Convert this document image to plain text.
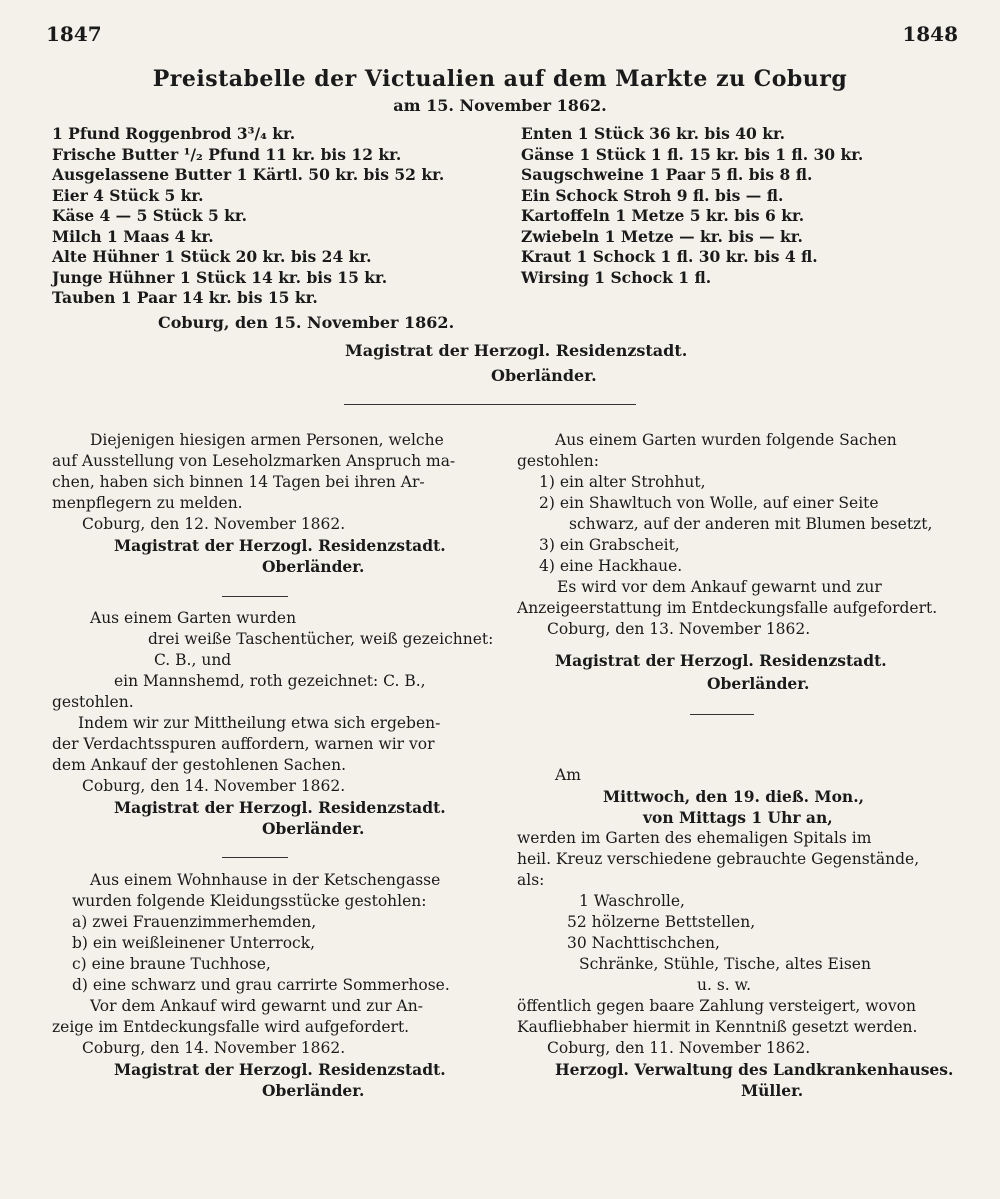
1847	1848
Preistabelle der Victualien auf dem Markte zu Coburg
am 15. November 1862.
1 Pfund Roggenbrod 3³/₄ kr.
Frische Butter ¹/₂ Pfund 11 kr. bis 12 kr.
Ausgelassene Butter 1 Kärtl. 50 kr. bis 52 kr.
Eier 4 Stück 5 kr.
Käse 4 — 5 Stück 5 kr.
Milch 1 Maas 4 kr.
Alte Hühner 1 Stück 20 kr. bis 24 kr.
Junge Hühner 1 Stück 14 kr. bis 15 kr.
Tauben 1 Paar 14 kr. bis 15 kr.
Enten 1 Stück 36 kr. bis 40 kr.
Gänse 1 Stück 1 fl. 15 kr. bis 1 fl. 30 kr.
Saugschweine 1 Paar 5 fl. bis 8 fl.
Ein Schock Stroh 9 fl. bis — fl.
Kartoffeln 1 Metze 5 kr. bis 6 kr.
Zwiebeln 1 Metze — kr. bis — kr.
Kraut 1 Schock 1 fl. 30 kr. bis 4 fl.
Wirsing 1 Schock 1 fl.
Coburg, den 15. November 1862.
Magistrat der Herzogl. Residenzstadt.
Oberländer.
Diejenigen hiesigen armen Personen, welche
auf Ausstellung von Leseholzmarken Anspruch ma-
chen, haben sich binnen 14 Tagen bei ihren Ar-
menpflegern zu melden.
Coburg, den 12. November 1862.
Magistrat der Herzogl. Residenzstadt.
Oberländer.
Aus einem Garten wurden
drei weiße Taschentücher, weiß gezeichnet:
C. B., und
ein Mannshemd, roth gezeichnet: C. B.,
gestohlen.
Indem wir zur Mittheilung etwa sich ergeben-
der Verdachtsspuren auffordern, warnen wir vor
dem Ankauf der gestohlenen Sachen.
Coburg, den 14. November 1862.
Magistrat der Herzogl. Residenzstadt.
Oberländer.
Aus einem Wohnhause in der Ketschengasse
wurden folgende Kleidungsstücke gestohlen:
a) zwei Frauenzimmerhemden,
b) ein weißleinener Unterrock,
c) eine braune Tuchhose,
d) eine schwarz und grau carrirte Sommerhose.
Vor dem Ankauf wird gewarnt und zur An-
zeige im Entdeckungsfalle wird aufgefordert.
Coburg, den 14. November 1862.
Magistrat der Herzogl. Residenzstadt.
Oberländer.
Aus einem Garten wurden folgende Sachen
gestohlen:
1) ein alter Strohhut,
2) ein Shawltuch von Wolle, auf einer Seite
schwarz, auf der anderen mit Blumen besetzt,
3) ein Grabscheit,
4) eine Hackhaue.
Es wird vor dem Ankauf gewarnt und zur
Anzeigeerstattung im Entdeckungsfalle aufgefordert.
Coburg, den 13. November 1862.
Magistrat der Herzogl. Residenzstadt.
Oberländer.
Am
Mittwoch, den 19. dieß. Mon.,
von Mittags 1 Uhr an,
werden im Garten des ehemaligen Spitals im
heil. Kreuz verschiedene gebrauchte Gegenstände,
als:
1 Waschrolle,
52 hölzerne Bettstellen,
30 Nachttischchen,
Schränke, Stühle, Tische, altes Eisen
u. s. w.
öffentlich gegen baare Zahlung versteigert, wovon
Kaufliebhaber hiermit in Kenntniß gesetzt werden.
Coburg, den 11. November 1862.
Herzogl. Verwaltung des Landkrankenhauses.
Müller.
